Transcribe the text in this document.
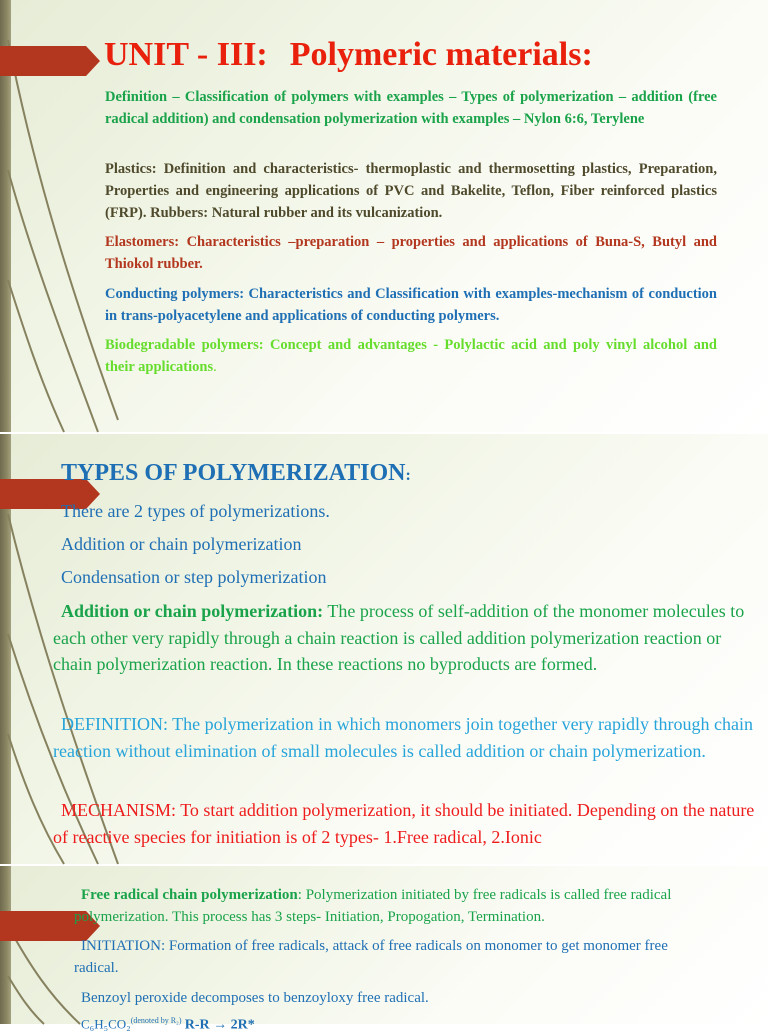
UNIT - III: Polymeric materials:

Definition – Classification of polymers with examples – Types of polymerization – addition (free radical addition) and condensation polymerization with examples – Nylon 6:6, Terylene

Plastics: Definition and characteristics- thermoplastic and thermosetting plastics, Preparation, Properties and engineering applications of PVC and Bakelite, Teflon, Fiber reinforced plastics (FRP). Rubbers: Natural rubber and its vulcanization.

Elastomers: Characteristics –preparation – properties and applications of Buna-S, Butyl and Thiokol rubber.

Conducting polymers: Characteristics and Classification with examples-mechanism of conduction in trans-polyacetylene and applications of conducting polymers.

Biodegradable polymers: Concept and advantages - Polylactic acid and poly vinyl alcohol and their applications.

TYPES OF POLYMERIZATION:

There are 2 types of polymerizations.

Addition or chain polymerization

Condensation or step polymerization

Addition or chain polymerization: The process of self-addition of the monomer molecules to each other very rapidly through a chain reaction is called addition polymerization reaction or chain polymerization reaction. In these reactions no byproducts are formed.

DEFINITION: The polymerization in which monomers join together very rapidly through chain reaction without elimination of small molecules is called addition or chain polymerization.

MECHANISM: To start addition polymerization, it should be initiated. Depending on the nature of reactive species for initiation is of 2 types- 1.Free radical, 2.Ionic

Free radical chain polymerization: Polymerization initiated by free radicals is called free radical polymerization. This process has 3 steps- Initiation, Propogation, Termination.

INITIATION: Formation of free radicals, attack of free radicals on monomer to get monomer free radical.

Benzoyl peroxide decomposes to benzoyloxy free radical.

C₆H₅CO₂$^{(denoted by R_2)}$ R-R → 2R*
